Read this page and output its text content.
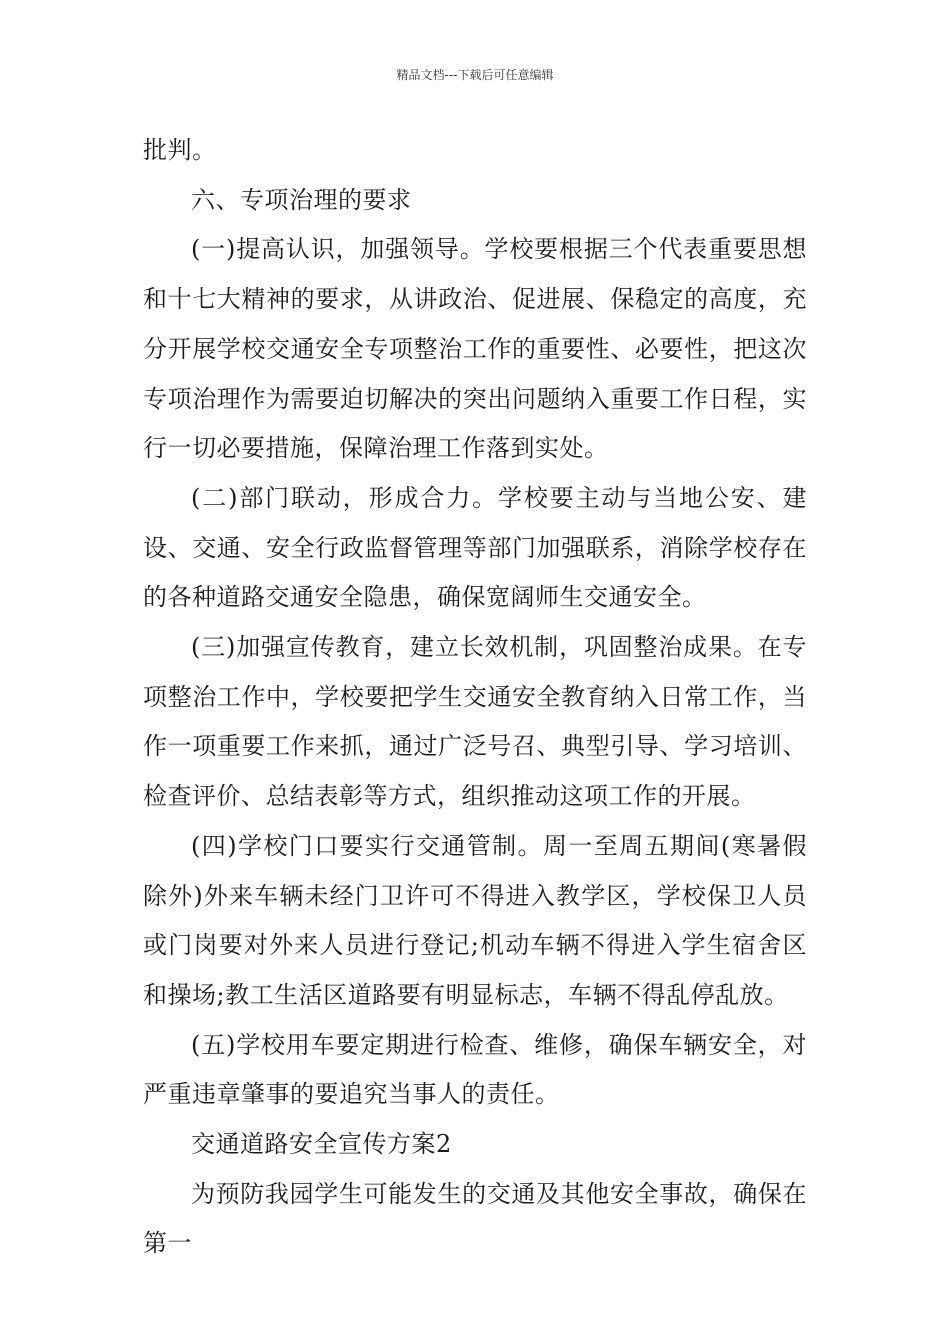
精品文档---下载后可任意编辑

批判。

六、专项治理的要求

(一)提高认识，加强领导。学校要根据三个代表重要思想和十七大精神的要求，从讲政治、促进展、保稳定的高度，充分开展学校交通安全专项整治工作的重要性、必要性，把这次专项治理作为需要迫切解决的突出问题纳入重要工作日程，实行一切必要措施，保障治理工作落到实处。

(二)部门联动，形成合力。学校要主动与当地公安、建设、交通、安全行政监督管理等部门加强联系，消除学校存在的各种道路交通安全隐患，确保宽阔师生交通安全。

(三)加强宣传教育，建立长效机制，巩固整治成果。在专项整治工作中，学校要把学生交通安全教育纳入日常工作，当作一项重要工作来抓，通过广泛号召、典型引导、学习培训、检查评价、总结表彰等方式，组织推动这项工作的开展。

(四)学校门口要实行交通管制。周一至周五期间(寒暑假除外)外来车辆未经门卫许可不得进入教学区，学校保卫人员或门岗要对外来人员进行登记;机动车辆不得进入学生宿舍区和操场;教工生活区道路要有明显标志，车辆不得乱停乱放。

(五)学校用车要定期进行检查、维修，确保车辆安全，对严重违章肇事的要追究当事人的责任。

交通道路安全宣传方案2

为预防我园学生可能发生的交通及其他安全事故，确保在第一
